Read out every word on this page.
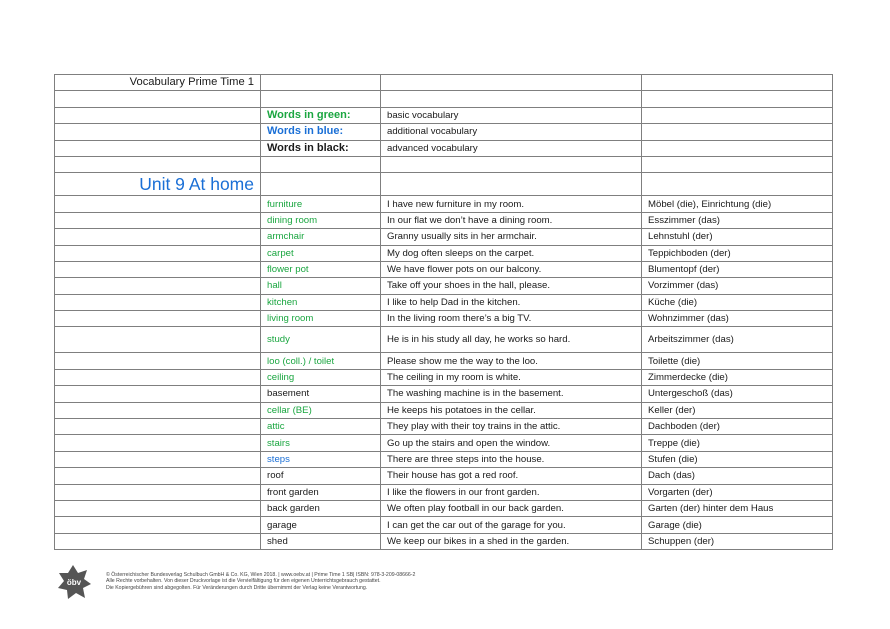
Vocabulary Prime Time 1			

	Words in green:	basic vocabulary	
	Words in blue:	additional vocabulary	
	Words in black:	advanced vocabulary	

Unit 9 At home			
	furniture	I have new furniture in my room.	Möbel (die), Einrichtung (die)
	dining room	In our flat we don’t have a dining room.	Esszimmer (das)
	armchair	Granny usually sits in her armchair.	Lehnstuhl (der)
	carpet	My dog often sleeps on the carpet.	Teppichboden (der)
	flower pot	We have flower pots on our balcony.	Blumentopf (der)
	hall	Take off your shoes in the hall, please.	Vorzimmer (das)
	kitchen	I like to help Dad in the kitchen.	Küche (die)
	living room	In the living room there’s a big TV.	Wohnzimmer (das)
	study	He is in his study all day, he works so hard.	Arbeitszimmer (das)
	loo (coll.) / toilet	Please show me the way to the loo.	Toilette (die)
	ceiling	The ceiling in my room is white.	Zimmerdecke (die)
	basement	The washing machine is in the basement.	Untergeschoß (das)
	cellar (BE)	He keeps his potatoes in the cellar.	Keller (der)
	attic	They play with their toy trains in the attic.	Dachboden (der)
	stairs	Go up the stairs and open the window.	Treppe (die)
	steps	There are three steps into the house.	Stufen (die)
	roof	Their house has got a red roof.	Dach (das)
	front garden	I like the flowers in our front garden.	Vorgarten (der)
	back garden	We often play football in our back garden.	Garten (der) hinter dem Haus
	garage	I can get the car out of the garage for you.	Garage (die)
	shed	We keep our bikes in a shed in the garden.	Schuppen (der)
öbv
© Österreichischer Bundesverlag Schulbuch GmbH & Co. KG, Wien 2018. | www.oebv.at | Prime Time 1 SB| ISBN: 978-3-209-08666-2
Alle Rechte vorbehalten. Von dieser Druckvorlage ist die Vervielfältigung für den eigenen Unterrichtsgebrauch gestattet.
Die Kopiergebühren sind abgegolten. Für Veränderungen durch Dritte übernimmt der Verlag keine Verantwortung.
